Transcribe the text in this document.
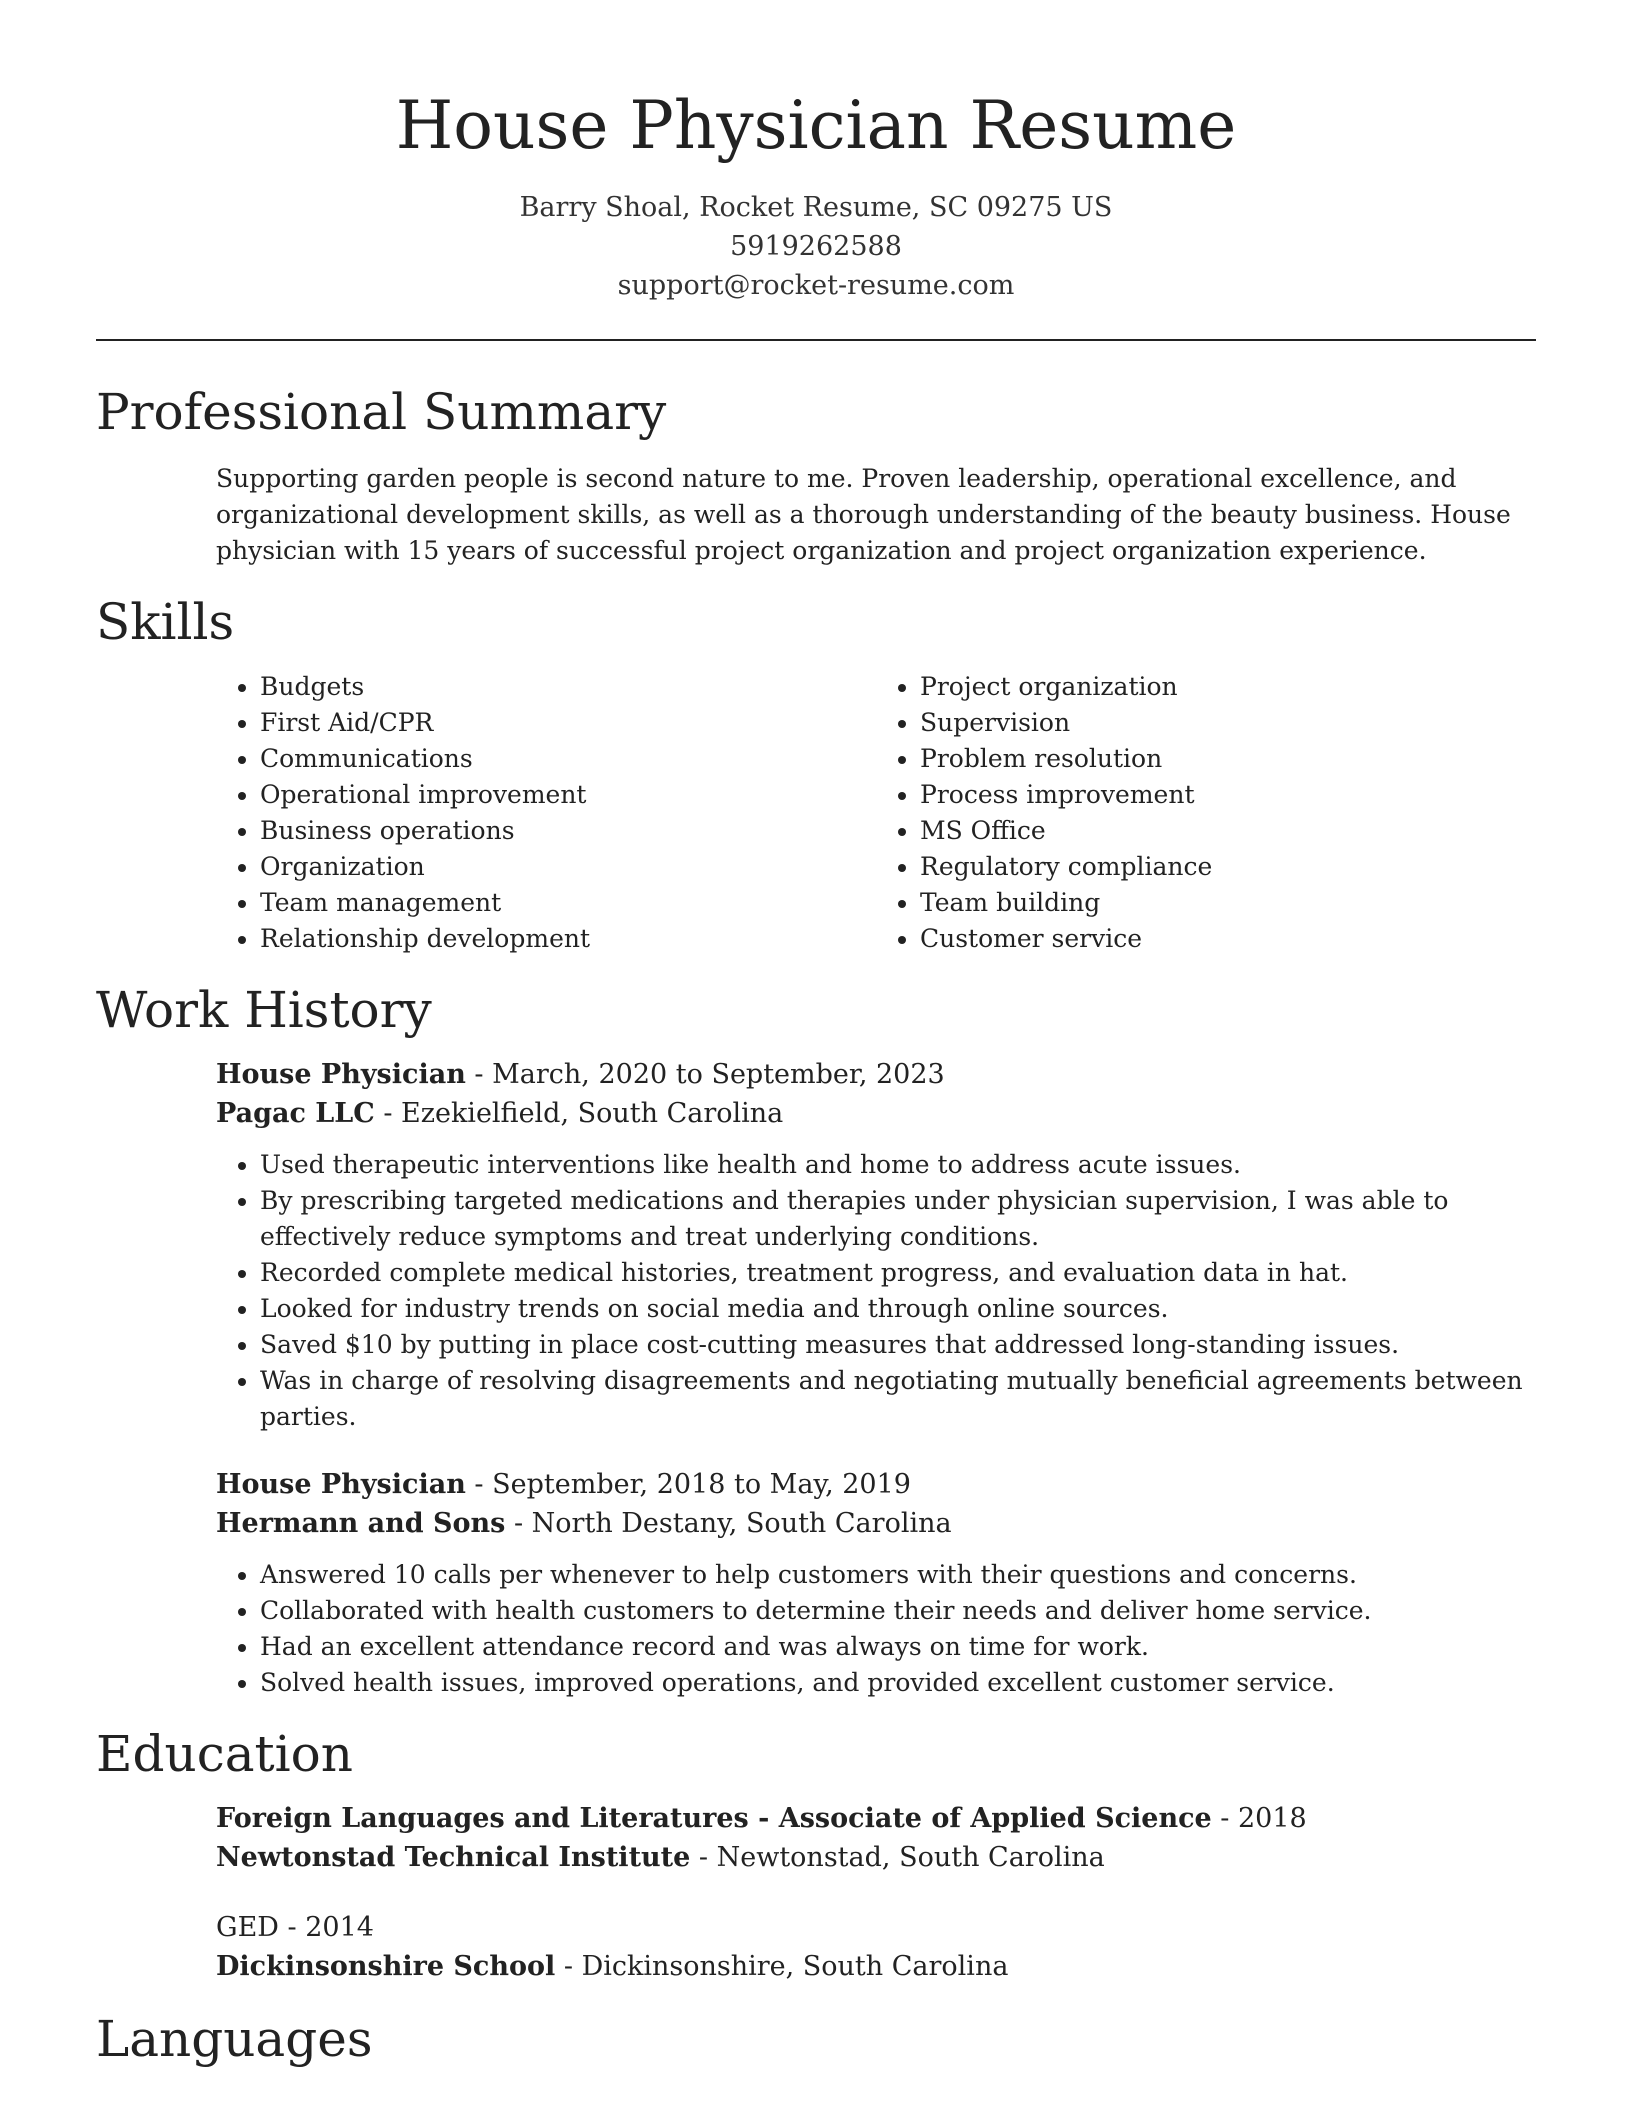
House Physician Resume
Barry Shoal, Rocket Resume, SC 09275 US
5919262588
support@rocket-resume.com
Professional Summary
Supporting garden people is second nature to me. Proven leadership, operational excellence, and organizational development skills, as well as a thorough understanding of the beauty business. House physician with 15 years of successful project organization and project organization experience.
Skills
• Budgets
• First Aid/CPR
• Communications
• Operational improvement
• Business operations
• Organization
• Team management
• Relationship development
• Project organization
• Supervision
• Problem resolution
• Process improvement
• MS Office
• Regulatory compliance
• Team building
• Customer service
Work History
House Physician - March, 2020 to September, 2023
Pagac LLC - Ezekielfield, South Carolina
• Used therapeutic interventions like health and home to address acute issues.
• By prescribing targeted medications and therapies under physician supervision, I was able to effectively reduce symptoms and treat underlying conditions.
• Recorded complete medical histories, treatment progress, and evaluation data in hat.
• Looked for industry trends on social media and through online sources.
• Saved $10 by putting in place cost-cutting measures that addressed long-standing issues.
• Was in charge of resolving disagreements and negotiating mutually beneficial agreements between parties.
House Physician - September, 2018 to May, 2019
Hermann and Sons - North Destany, South Carolina
• Answered 10 calls per whenever to help customers with their questions and concerns.
• Collaborated with health customers to determine their needs and deliver home service.
• Had an excellent attendance record and was always on time for work.
• Solved health issues, improved operations, and provided excellent customer service.
Education
Foreign Languages and Literatures - Associate of Applied Science - 2018
Newtonstad Technical Institute - Newtonstad, South Carolina
GED - 2014
Dickinsonshire School - Dickinsonshire, South Carolina
Languages
